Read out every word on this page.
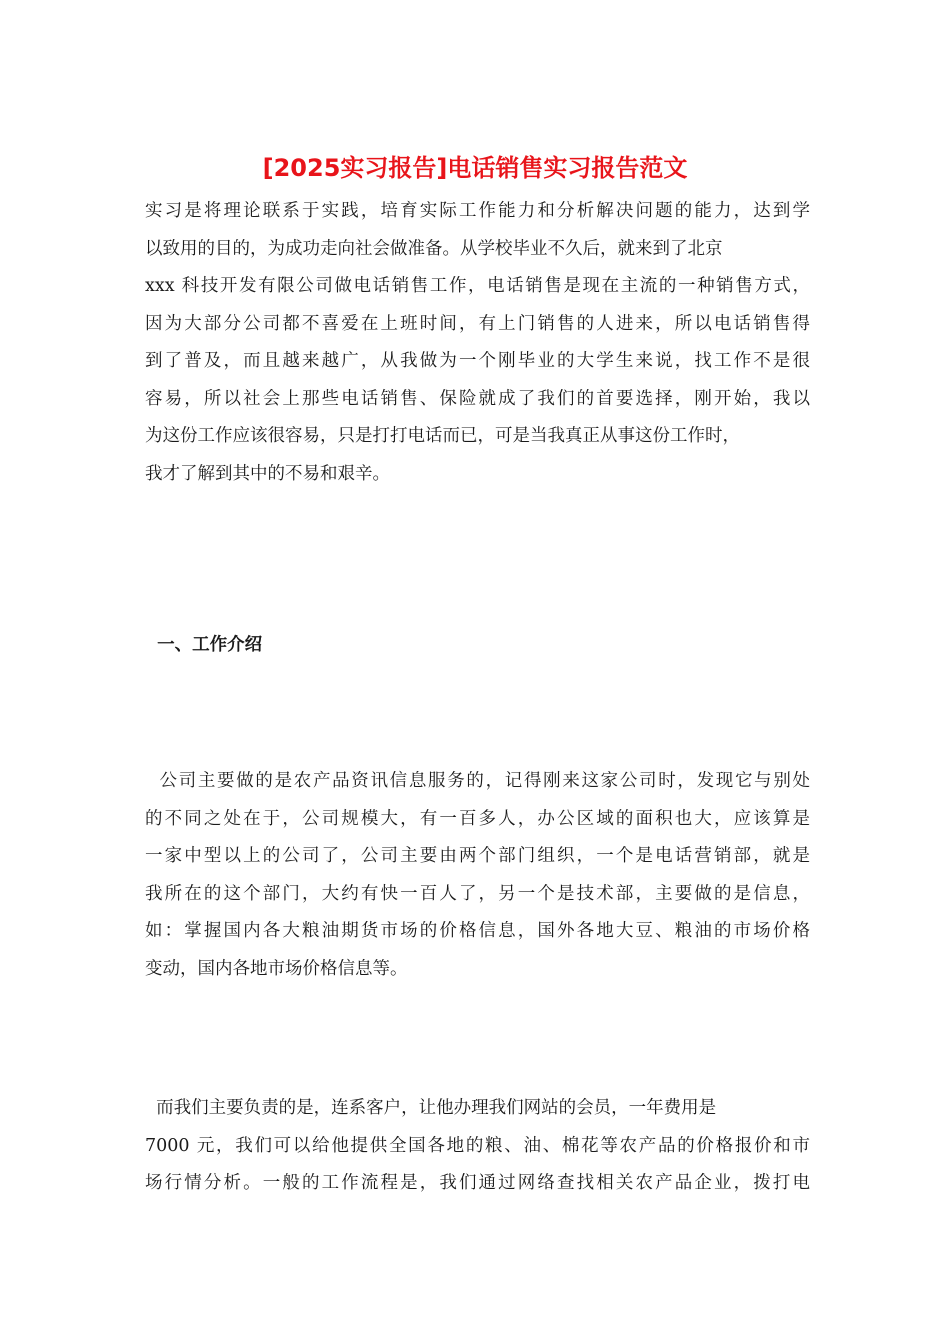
[2025实习报告]电话销售实习报告范文
实习是将理论联系于实践，培育实际工作能力和分析解决问题的能力，达到学
以致用的目的，为成功走向社会做准备。从学校毕业不久后，就来到了北京
xxx 科技开发有限公司做电话销售工作，电话销售是现在主流的一种销售方式，
因为大部分公司都不喜爱在上班时间，有上门销售的人进来，所以电话销售得
到了普及，而且越来越广，从我做为一个刚毕业的大学生来说，找工作不是很
容易，所以社会上那些电话销售、保险就成了我们的首要选择，刚开始，我以
为这份工作应该很容易，只是打打电话而已，可是当我真正从事这份工作时，
我才了解到其中的不易和艰辛。
一、工作介绍
公司主要做的是农产品资讯信息服务的，记得刚来这家公司时，发现它与别处
的不同之处在于，公司规模大，有一百多人，办公区域的面积也大，应该算是
一家中型以上的公司了，公司主要由两个部门组织，一个是电话营销部，就是
我所在的这个部门，大约有快一百人了，另一个是技术部，主要做的是信息，
如：掌握国内各大粮油期货市场的价格信息，国外各地大豆、粮油的市场价格
变动，国内各地市场价格信息等。
而我们主要负责的是，连系客户，让他办理我们网站的会员，一年费用是
7000 元，我们可以给他提供全国各地的粮、油、棉花等农产品的价格报价和市
场行情分析。一般的工作流程是，我们通过网络查找相关农产品企业，拨打电
